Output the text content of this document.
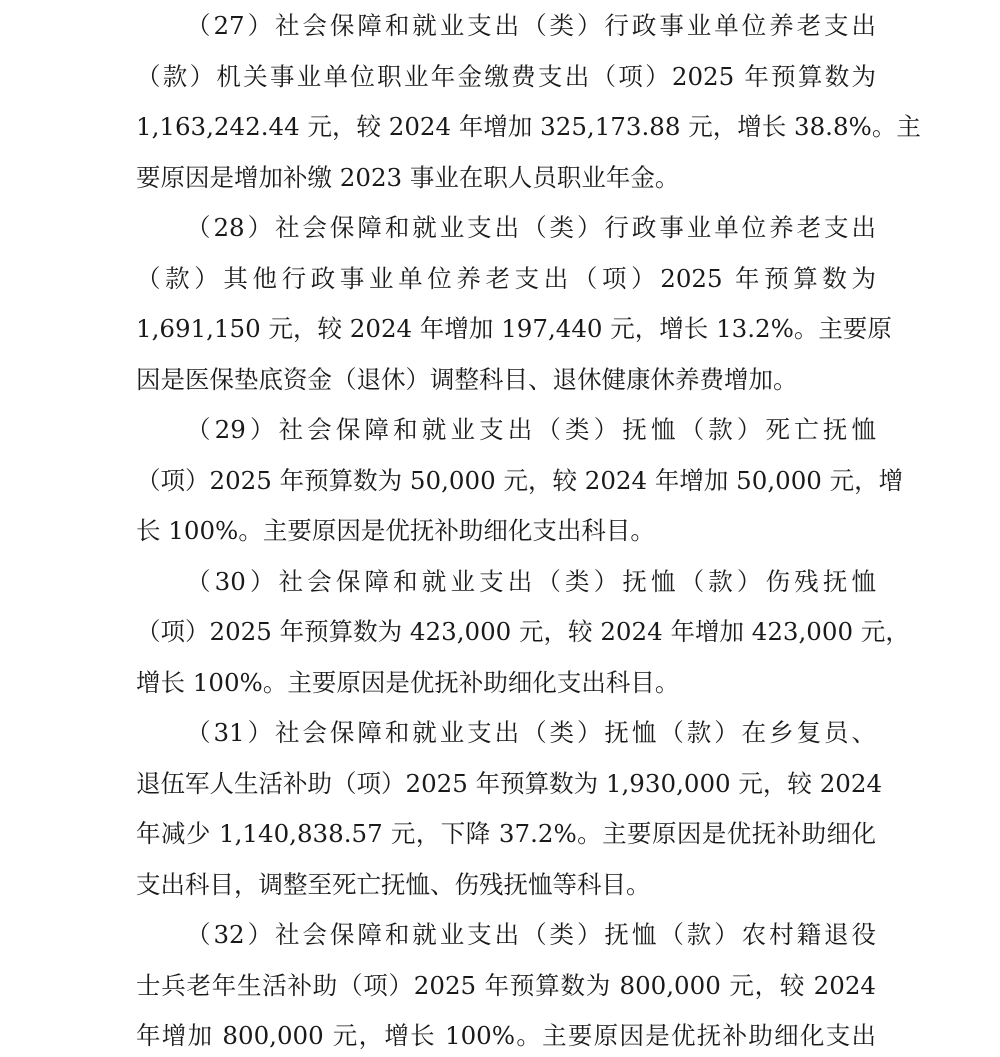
（27）社会保障和就业支出（类）行政事业单位养老支出
（款）机关事业单位职业年金缴费支出（项）2025 年预算数为
1,163,242.44 元，较 2024 年增加 325,173.88 元，增长 38.8%。主
要原因是增加补缴 2023 事业在职人员职业年金。
（28）社会保障和就业支出（类）行政事业单位养老支出
（款）其他行政事业单位养老支出（项）2025 年预算数为
1,691,150 元，较 2024 年增加 197,440 元，增长 13.2%。主要原
因是医保垫底资金（退休）调整科目、退休健康休养费增加。
（29）社会保障和就业支出（类）抚恤（款）死亡抚恤
（项）2025 年预算数为 50,000 元，较 2024 年增加 50,000 元，增
长 100%。主要原因是优抚补助细化支出科目。
（30）社会保障和就业支出（类）抚恤（款）伤残抚恤
（项）2025 年预算数为 423,000 元，较 2024 年增加 423,000 元，
增长 100%。主要原因是优抚补助细化支出科目。
（31）社会保障和就业支出（类）抚恤（款）在乡复员、
退伍军人生活补助（项）2025 年预算数为 1,930,000 元，较 2024
年减少 1,140,838.57 元，下降 37.2%。主要原因是优抚补助细化
支出科目，调整至死亡抚恤、伤残抚恤等科目。
（32）社会保障和就业支出（类）抚恤（款）农村籍退役
士兵老年生活补助（项）2025 年预算数为 800,000 元，较 2024
年增加 800,000 元，增长 100%。主要原因是优抚补助细化支出
